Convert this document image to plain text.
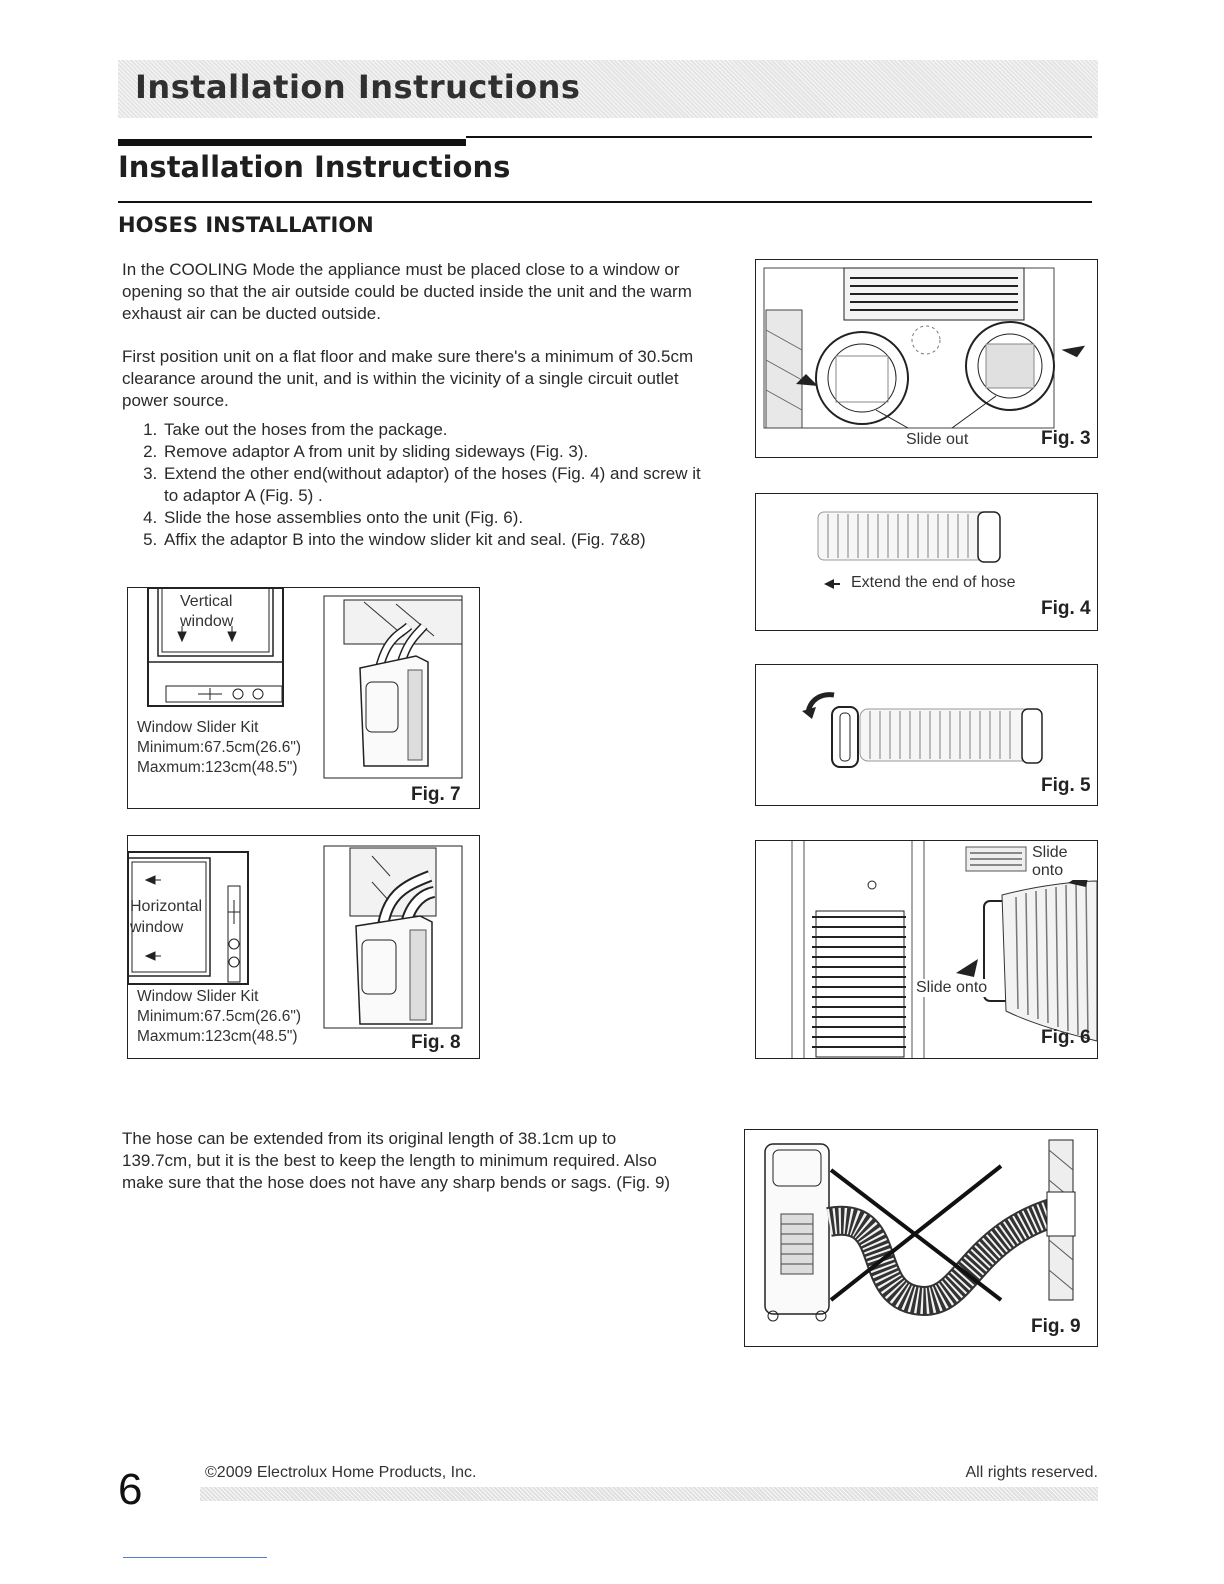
Installation Instructions
Installation Instructions
HOSES INSTALLATION
In the COOLING Mode the appliance must be placed close to a window or
opening so that the air outside could be ducted inside the unit and the warm
exhaust air can be ducted outside.
First position unit on a flat floor and make sure there's a minimum of 30.5cm
clearance around the unit, and is within the vicinity of a single circuit outlet
power source.
1. Take out the hoses from the package.
2. Remove adaptor A from unit by sliding sideways (Fig. 3).
3. Extend the other end(without adaptor) of the hoses (Fig. 4) and screw it to adaptor A (Fig. 5) .
4. Slide the hose assemblies onto the unit (Fig. 6).
5. Affix the adaptor B into the window slider kit and seal. (Fig. 7&8)
Vertical
window
Window Slider Kit
Minimum:67.5cm(26.6")
Maxmum:123cm(48.5")
Fig. 7
Horizontal
window
Window Slider Kit
Minimum:67.5cm(26.6")
Maxmum:123cm(48.5")	Fig. 8
Slide out	Fig. 3
Extend the end of hose
Fig. 4
Fig. 5
Slide onto
Slide onto
Fig. 6
The hose can be extended from its original length of 38.1cm up to
139.7cm, but it is the best to keep the length to minimum required. Also
make sure that the hose does not have any sharp bends or sags. (Fig. 9)
Fig. 9
6	©2009 Electrolux Home Products, Inc.	All rights reserved.
